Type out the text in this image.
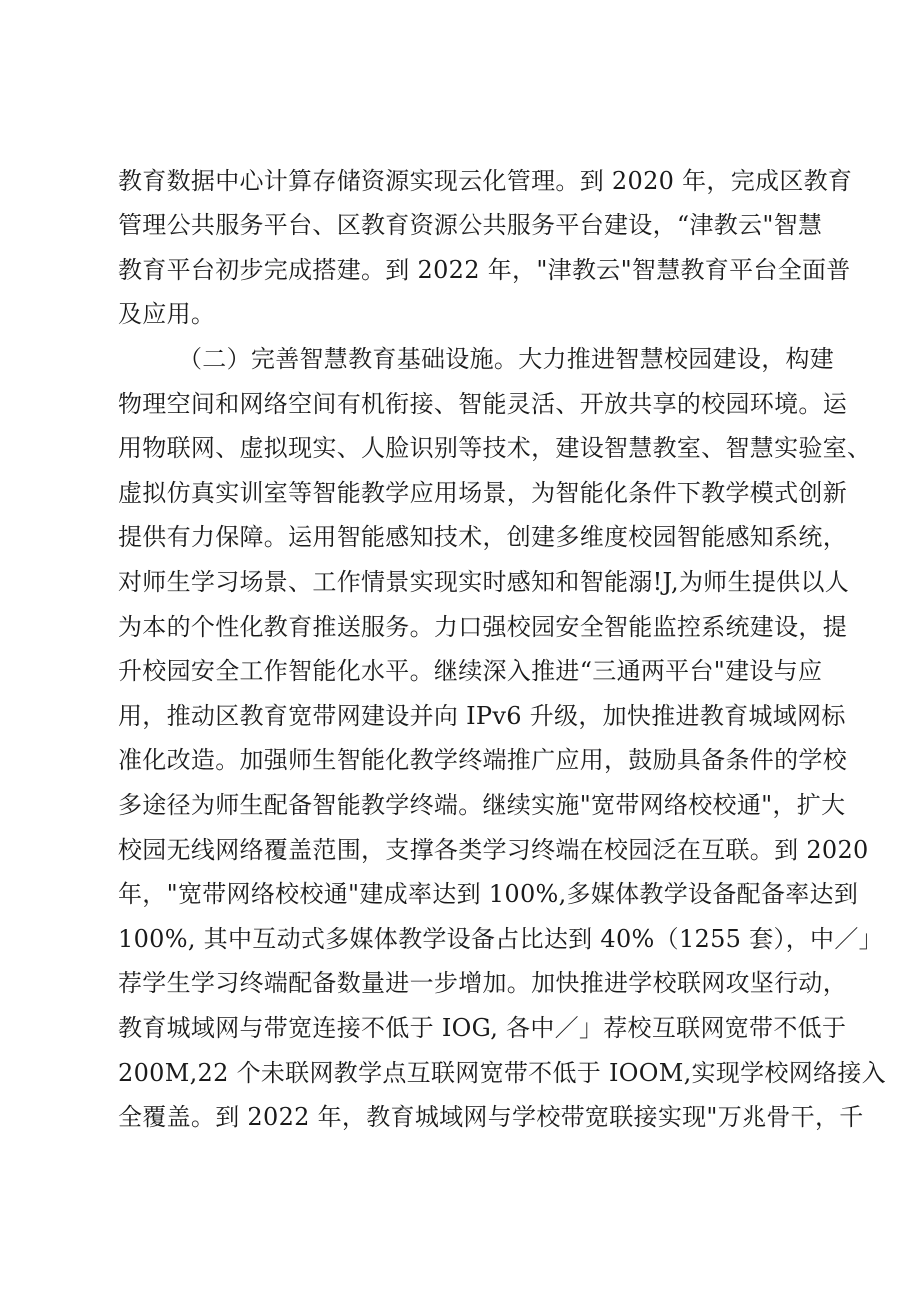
教育数据中心计算存储资源实现云化管理。到 2020 年，完成区教育
管理公共服务平台、区教育资源公共服务平台建设，“津教云"智慧
教育平台初步完成搭建。到 2022 年，"津教云"智慧教育平台全面普
及应用。
（二）完善智慧教育基础设施。大力推进智慧校园建设，构建
物理空间和网络空间有机衔接、智能灵活、开放共享的校园环境。运
用物联网、虚拟现实、人脸识别等技术，建设智慧教室、智慧实验室、
虚拟仿真实训室等智能教学应用场景，为智能化条件下教学模式创新
提供有力保障。运用智能感知技术，创建多维度校园智能感知系统，
对师生学习场景、工作情景实现实时感知和智能溺!J,为师生提供以人
为本的个性化教育推送服务。力口强校园安全智能监控系统建设，提
升校园安全工作智能化水平。继续深入推进“三通两平台"建设与应
用，推动区教育宽带网建设并向 IPv6 升级，加快推进教育城域网标
准化改造。加强师生智能化教学终端推广应用，鼓励具备条件的学校
多途径为师生配备智能教学终端。继续实施"宽带网络校校通"，扩大
校园无线网络覆盖范围，支撑各类学习终端在校园泛在互联。到 2020
年，"宽带网络校校通"建成率达到 100%,多媒体教学设备配备率达到
100%, 其中互动式多媒体教学设备占比达到 40%（1255 套），中／」
荐学生学习终端配备数量进一步增加。加快推进学校联网攻坚行动，
教育城域网与带宽连接不低于 IOG, 各中／」荐校互联网宽带不低于
200M,22 个未联网教学点互联网宽带不低于 IOOM,实现学校网络接入
全覆盖。到 2022 年，教育城域网与学校带宽联接实现"万兆骨干，千
